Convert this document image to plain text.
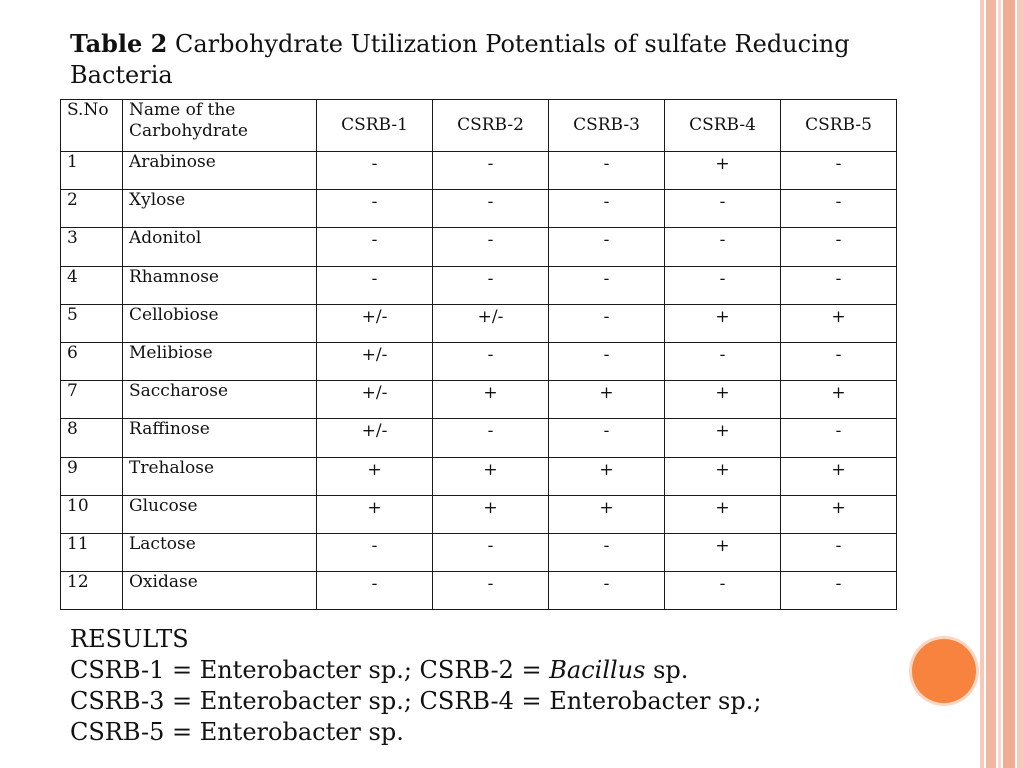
Table 2 Carbohydrate Utilization Potentials of sulfate Reducing Bacteria
S.No	Name of the Carbohydrate	CSRB-1	CSRB-2	CSRB-3	CSRB-4	CSRB-5
1	Arabinose	-	-	-	+	-
2	Xylose	-	-	-	-	-
3	Adonitol	-	-	-	-	-
4	Rhamnose	-	-	-	-	-
5	Cellobiose	+/-	+/-	-	+	+
6	Melibiose	+/-	-	-	-	-
7	Saccharose	+/-	+	+	+	+
8	Raffinose	+/-	-	-	+	-
9	Trehalose	+	+	+	+	+
10	Glucose	+	+	+	+	+
11	Lactose	-	-	-	+	-
12	Oxidase	-	-	-	-	-
RESULTS
CSRB-1 = Enterobacter sp.; CSRB-2 = Bacillus sp.
CSRB-3 = Enterobacter sp.; CSRB-4 = Enterobacter sp.;
CSRB-5 = Enterobacter sp.
